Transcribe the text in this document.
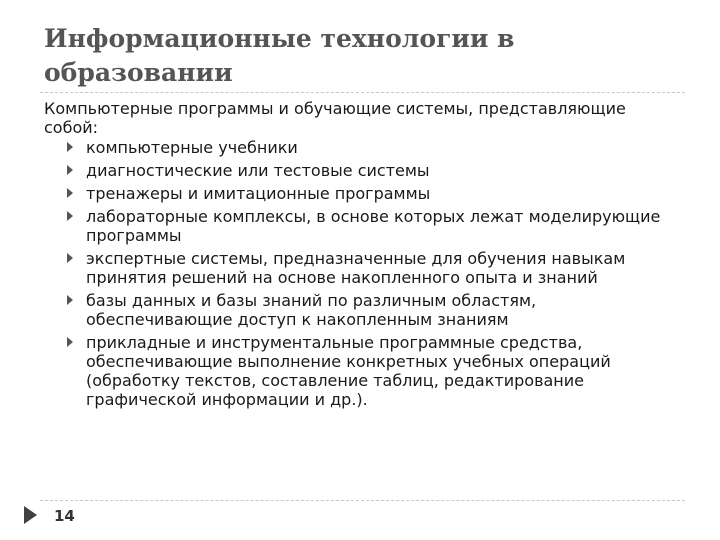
Информационные технологии в образовании

Компьютерные программы и обучающие системы, представляющие собой:

компьютерные учебники
диагностические или тестовые системы
тренажеры и имитационные программы
лабораторные комплексы, в основе которых лежат моделирующие программы
экспертные системы, предназначенные для обучения навыкам принятия решений на основе накопленного опыта и знаний
базы данных и базы знаний по различным областям, обеспечивающие доступ к накопленным знаниям
прикладные и инструментальные программные средства, обеспечивающие выполнение конкретных учебных операций (обработку текстов, составление таблиц, редактирование графической информации и др.).
14
